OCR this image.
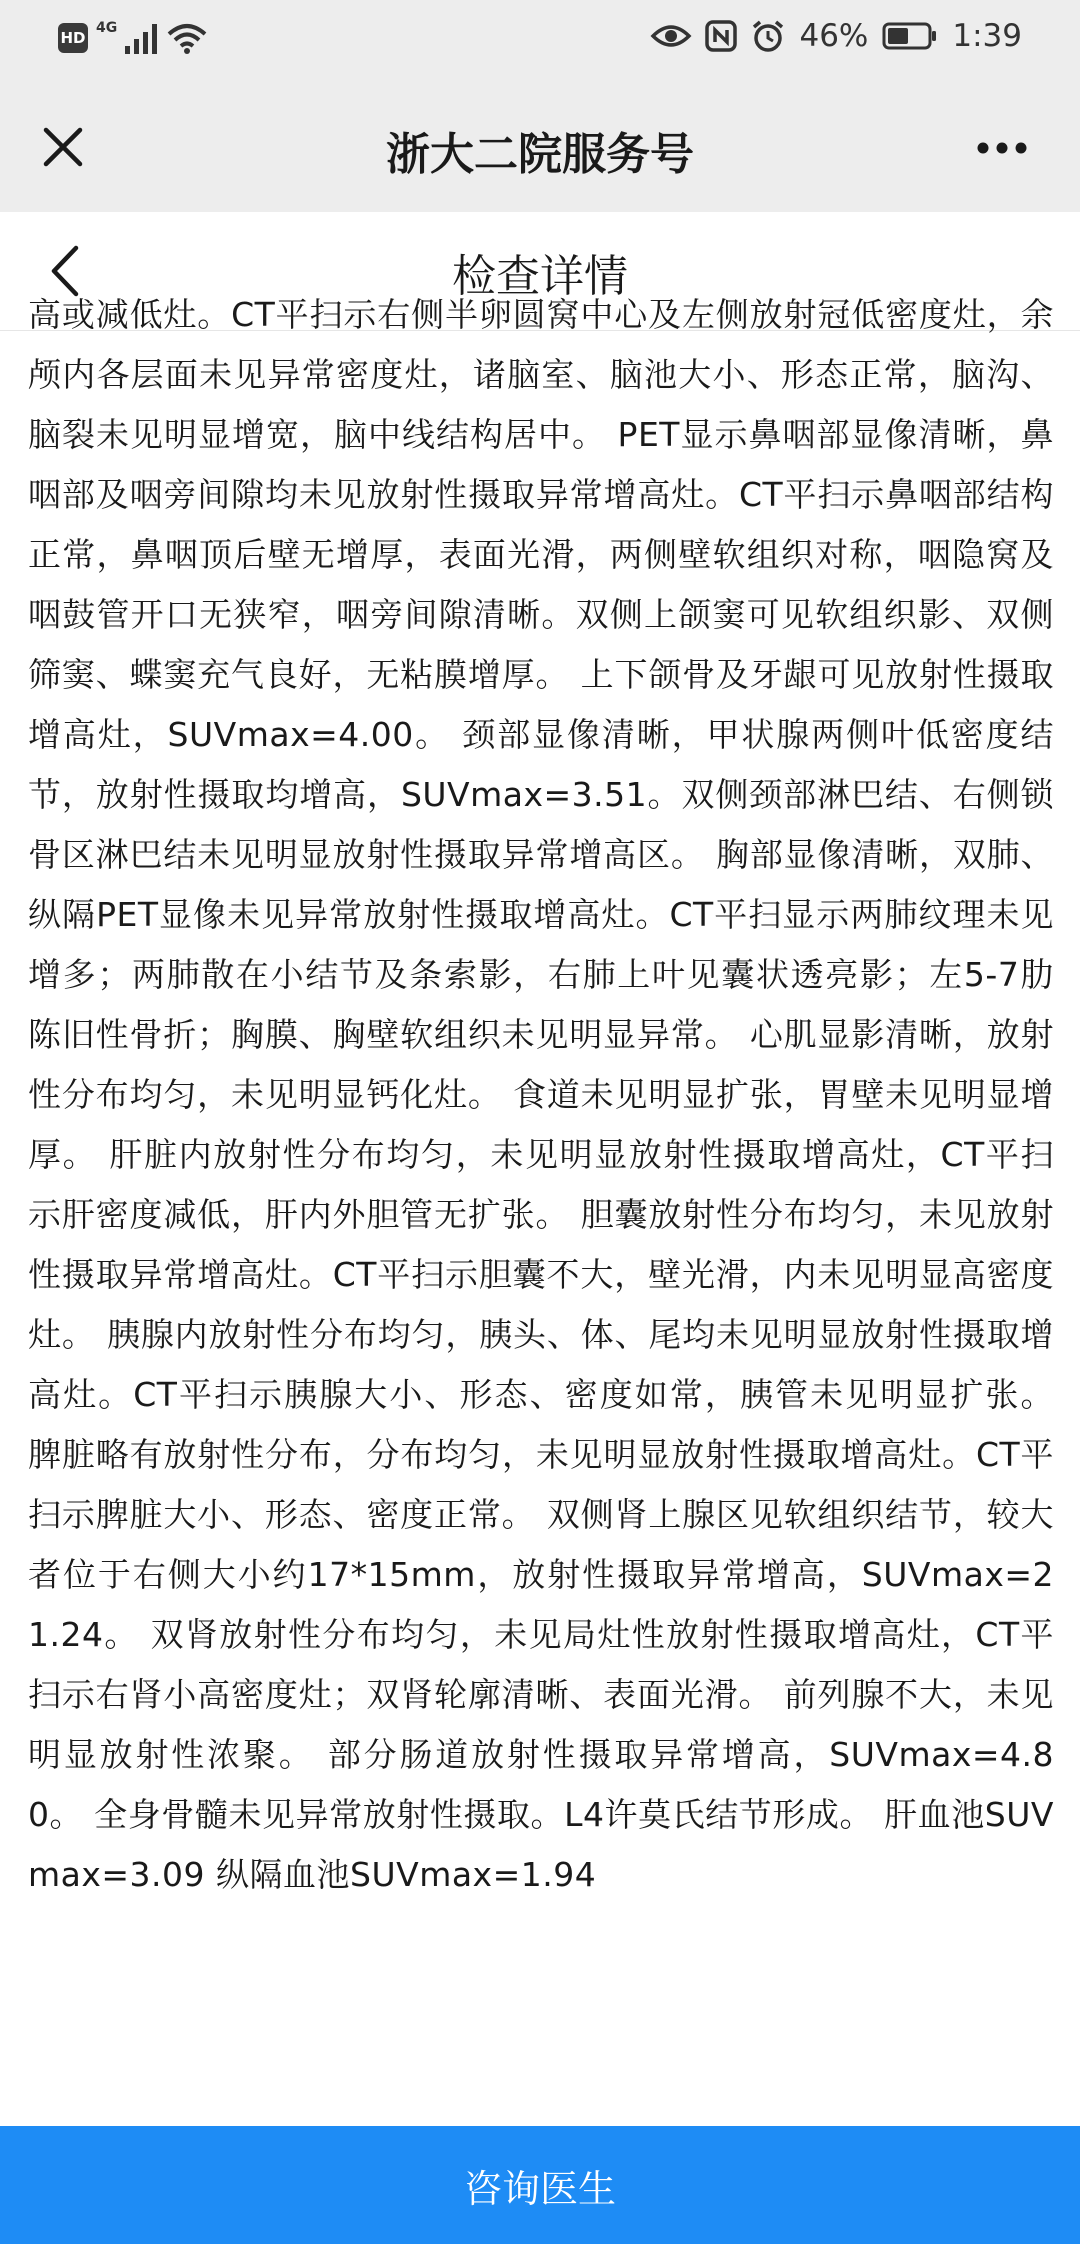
HD
4G	46%	1:39
浙大二院服务号
检查详情

高或减低灶。CT平扫示右侧半卵圆窝中心及左侧放射冠低密度灶，余颅内各层面未见异常密度灶，诸脑室、脑池大小、形态正常，脑沟、脑裂未见明显增宽，脑中线结构居中。 PET显示鼻咽部显像清晰，鼻咽部及咽旁间隙均未见放射性摄取异常增高灶。CT平扫示鼻咽部结构正常，鼻咽顶后壁无增厚，表面光滑，两侧壁软组织对称，咽隐窝及咽鼓管开口无狭窄，咽旁间隙清晰。双侧上颌窦可见软组织影、双侧筛窦、蝶窦充气良好，无粘膜增厚。 上下颌骨及牙龈可见放射性摄取增高灶，SUVmax=4.00。 颈部显像清晰，甲状腺两侧叶低密度结节，放射性摄取均增高，SUVmax=3.51。双侧颈部淋巴结、右侧锁骨区淋巴结未见明显放射性摄取异常增高区。 胸部显像清晰，双肺、纵隔PET显像未见异常放射性摄取增高灶。CT平扫显示两肺纹理未见增多；两肺散在小结节及条索影，右肺上叶见囊状透亮影；左5-7肋陈旧性骨折；胸膜、胸壁软组织未见明显异常。 心肌显影清晰，放射性分布均匀，未见明显钙化灶。 食道未见明显扩张，胃壁未见明显增厚。 肝脏内放射性分布均匀，未见明显放射性摄取增高灶，CT平扫示肝密度减低，肝内外胆管无扩张。 胆囊放射性分布均匀，未见放射性摄取异常增高灶。CT平扫示胆囊不大，壁光滑，内未见明显高密度灶。 胰腺内放射性分布均匀，胰头、体、尾均未见明显放射性摄取增高灶。CT平扫示胰腺大小、形态、密度如常，胰管未见明显扩张。 脾脏略有放射性分布，分布均匀，未见明显放射性摄取增高灶。CT平扫示脾脏大小、形态、密度正常。 双侧肾上腺区见软组织结节，较大者位于右侧大小约17*15mm，放射性摄取异常增高，SUVmax=21.24。 双肾放射性分布均匀，未见局灶性放射性摄取增高灶，CT平扫示右肾小高密度灶；双肾轮廓清晰、表面光滑。 前列腺不大，未见明显放射性浓聚。 部分肠道放射性摄取异常增高，SUVmax=4.80。 全身骨髓未见异常放射性摄取。L4许莫氏结节形成。 肝血池SUVmax=3.09 纵隔血池SUVmax=1.94

咨询医生
